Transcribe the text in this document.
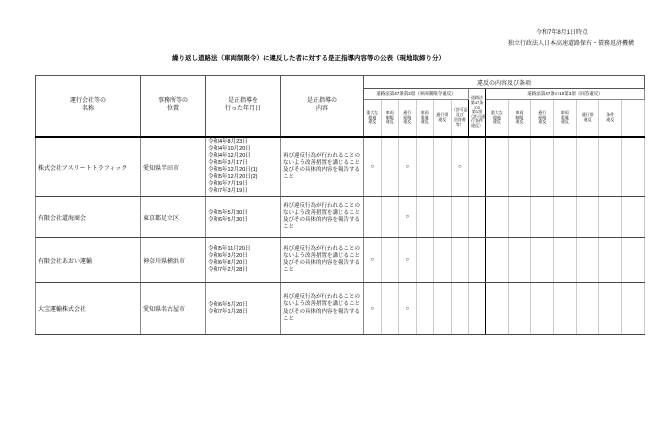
令和7年8月1日時点
独立行政法人日本高速道路保有・債務返済機構
繰り返し道路法（車両制限令）に違反した者に対する是正指導内容等の公表（現地取締り分）
運行会社等の
名称	事務所等の
位置	是正指導を
行った年月日	是正指導の
内容	違反の内容及び条項													
道路法第47条第2項（車両制限令違反）	道路法
第47条
の2
第1項
（許可通
行条件
違反）	道路法第47条の10第3項（回答違反）
				重大な
超過
違反	車両
制限
違反	通行
経路
違反	車両
重量
違反	通行帯
違反	（許可証
及び
回答書
等）		重大な
超過
違反	車両
制限
違反	通行
経路
違反	車両
重量
違反	通行帯
違反	条件
違反	
株式会社アスリートトラフィック	愛知県半田市	令和4年8月23日
令和4年10月20日
令和4年12月20日
令和5年3月17日
令和5年12月20日(1)
令和5年12月20日(2)
令和6年7月19日
令和7年3月19日	再び違反行為が行われることのないよう改善措置を講じること及びその具体的内容を報告すること	○		○			○								
有限会社道海商会	東京都足立区	令和5年5月30日
令和6年5月30日	再び違反行為が行われることのないよう改善措置を講じること及びその具体的内容を報告すること			○											
有限会社あおい運輸	神奈川県横浜市	令和5年11月20日
令和6年3月20日
令和6年8月20日
令和7年2月28日	再び違反行為が行われることのないよう改善措置を講じること及びその具体的内容を報告すること	○		○											
大宝運輸株式会社	愛知県名古屋市	令和6年5月20日
令和7年1月28日	再び違反行為が行われることのないよう改善措置を講じること及びその具体的内容を報告すること	○		○											
